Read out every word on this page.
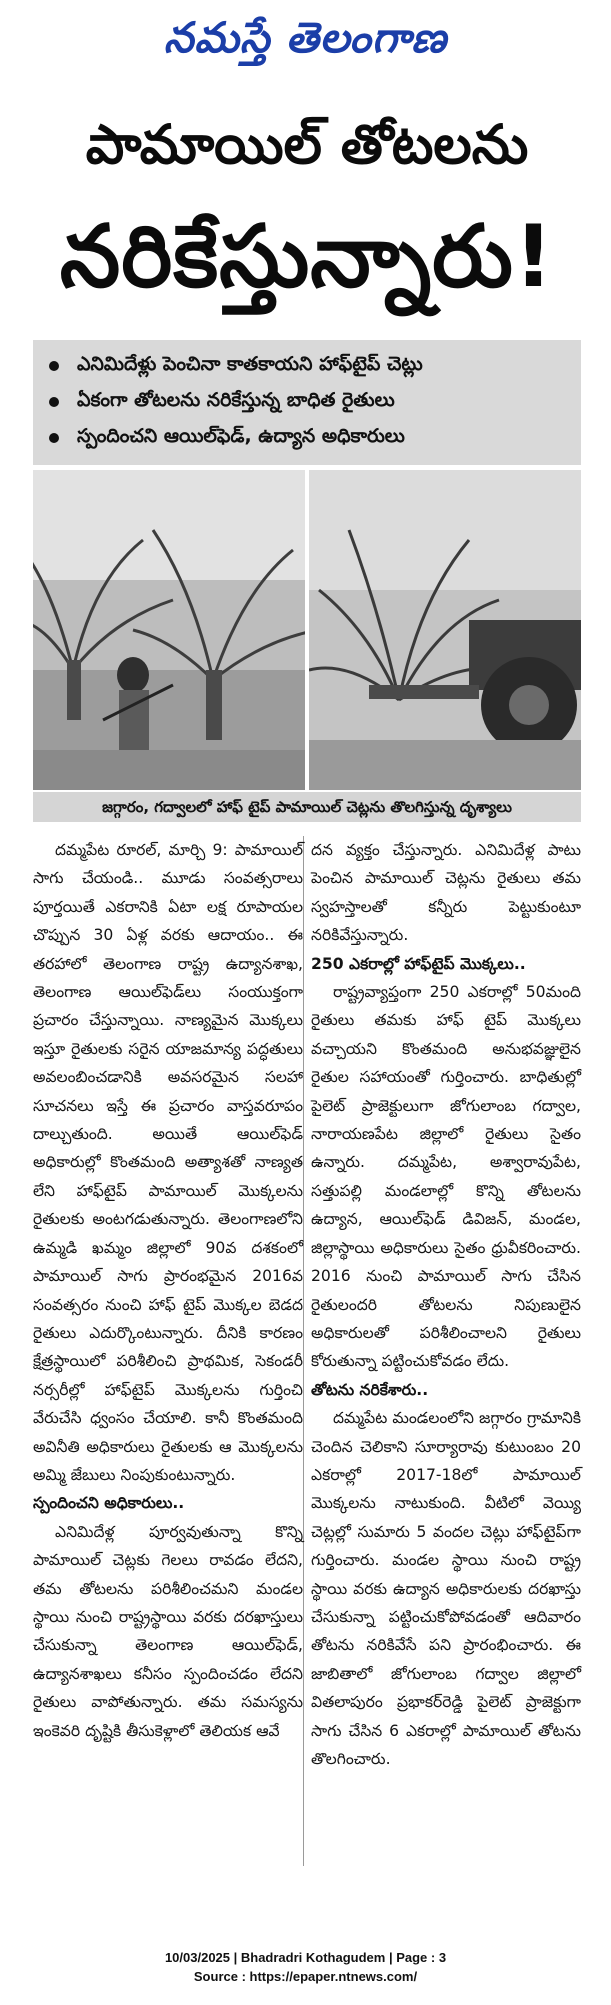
నమస్తే తెలంగాణ
పామాయిల్ తోటలను
నరికేస్తున్నారు!
ఎనిమిదేళ్లు పెంచినా కాతకాయని హాఫ్‌టైప్ చెట్లు
ఏకంగా తోటలను నరికేస్తున్న బాధిత రైతులు
స్పందించని ఆయిల్‌ఫెడ్, ఉద్యాన అధికారులు
జగ్గారం, గద్వాలలో హాఫ్ టైప్ పామాయిల్ చెట్లను తొలగిస్తున్న దృశ్యాలు

దమ్మపేట రూరల్, మార్చి 9: పామాయిల్ సాగు చేయండి.. మూడు సంవత్సరాలు పూర్తయితే ఎకరానికి ఏటా లక్ష రూపాయల చొప్పున 30 ఏళ్ల వరకు ఆదాయం.. ఈ తరహాలో తెలంగాణ రాష్ట్ర ఉద్యానశాఖ, తెలంగాణ ఆయిల్‌ఫెడ్‌లు సంయుక్తంగా ప్రచారం చేస్తున్నాయి. నాణ్యమైన మొక్కలు ఇస్తూ రైతులకు సరైన యాజమాన్య పద్ధతులు అవలంబించడానికి అవసరమైన సలహా సూచనలు ఇస్తే ఈ ప్రచారం వాస్తవరూపం దాల్చుతుంది. అయితే ఆయిల్‌ఫెడ్ అధికారుల్లో కొంతమంది అత్యాశతో నాణ్యత లేని హాఫ్‌టైప్ పామాయిల్ మొక్కలను రైతులకు అంటగడుతున్నారు. తెలంగాణలోని ఉమ్మడి ఖమ్మం జిల్లాలో 90వ దశకంలో పామాయిల్ సాగు ప్రారంభమైన 2016వ సంవత్సరం నుంచి హాఫ్ టైప్ మొక్కల బెడద రైతులు ఎదుర్కొంటున్నారు. దీనికి కారణం క్షేత్రస్థాయిలో పరిశీలించి ప్రాథమిక, సెకండరీ నర్సరీల్లో హాఫ్‌టైప్ మొక్కలను గుర్తించి వేరుచేసి ధ్వంసం చేయాలి. కానీ కొంతమంది అవినీతి అధికారులు రైతులకు ఆ మొక్కలను అమ్మి జేబులు నింపుకుంటున్నారు.

స్పందించని అధికారులు..

ఎనిమిదేళ్ల పూర్వవుతున్నా కొన్ని పామాయిల్ చెట్లకు గెలలు రావడం లేదని, తమ తోటలను పరిశీలించమని మండల స్థాయి నుంచి రాష్ట్రస్థాయి వరకు దరఖాస్తులు చేసుకున్నా తెలంగాణ ఆయిల్‌ఫెడ్, ఉద్యానశాఖలు కనీసం స్పందించడం లేదని రైతులు వాపోతున్నారు. తమ సమస్యను ఇంకెవరి దృష్టికి తీసుకెళ్లాలో తెలియక ఆవే

దన వ్యక్తం చేస్తున్నారు. ఎనిమిదేళ్ల పాటు పెంచిన పామాయిల్ చెట్లను రైతులు తమ స్వహస్తాలతో కన్నీరు పెట్టుకుంటూ నరికివేస్తున్నారు.

250 ఎకరాల్లో హాఫ్‌టైప్ మొక్కలు..

రాష్ట్రవ్యాప్తంగా 250 ఎకరాల్లో 50మంది రైతులు తమకు హాఫ్ టైప్ మొక్కలు వచ్చాయని కొంతమంది అనుభవజ్ఞులైన రైతుల సహాయంతో గుర్తించారు. బాధితుల్లో పైలెట్ ప్రాజెక్టులుగా జోగులాంబ గద్వాల, నారాయణపేట జిల్లాలో రైతులు సైతం ఉన్నారు. దమ్మపేట, అశ్వారావుపేట, సత్తుపల్లి మండలాల్లో కొన్ని తోటలను ఉద్యాన, ఆయిల్‌ఫెడ్ డివిజన్, మండల, జిల్లాస్థాయి అధికారులు సైతం ధ్రువీకరించారు. 2016 నుంచి పామాయిల్ సాగు చేసిన రైతులందరి తోటలను నిపుణులైన అధికారులతో పరిశీలించాలని రైతులు కోరుతున్నా పట్టించుకోవడం లేదు.

తోటను నరికేశారు..

దమ్మపేట మండలంలోని జగ్గారం గ్రామానికి చెందిన చెలికాని సూర్యారావు కుటుంబం 20 ఎకరాల్లో 2017-18లో పామాయిల్ మొక్కలను నాటుకుంది. వీటిలో వెయ్యి చెట్లల్లో సుమారు 5 వందల చెట్లు హాఫ్‌టైప్‌గా గుర్తించారు. మండల స్థాయి నుంచి రాష్ట్ర స్థాయి వరకు ఉద్యాన అధికారులకు దరఖాస్తు చేసుకున్నా పట్టించుకోపోవడంతో ఆదివారం తోటను నరికివేసే పని ప్రారంభించారు. ఈ జాబితాలో జోగులాంబ గద్వాల జిల్లాలో వితలాపురం ప్రభాకర్‌రెడ్డి పైలెట్ ప్రాజెక్టుగా సాగు చేసిన 6 ఎకరాల్లో పామాయిల్ తోటను తొలగించారు.

10/03/2025 | Bhadradri Kothagudem | Page : 3
Source : https://epaper.ntnews.com/
